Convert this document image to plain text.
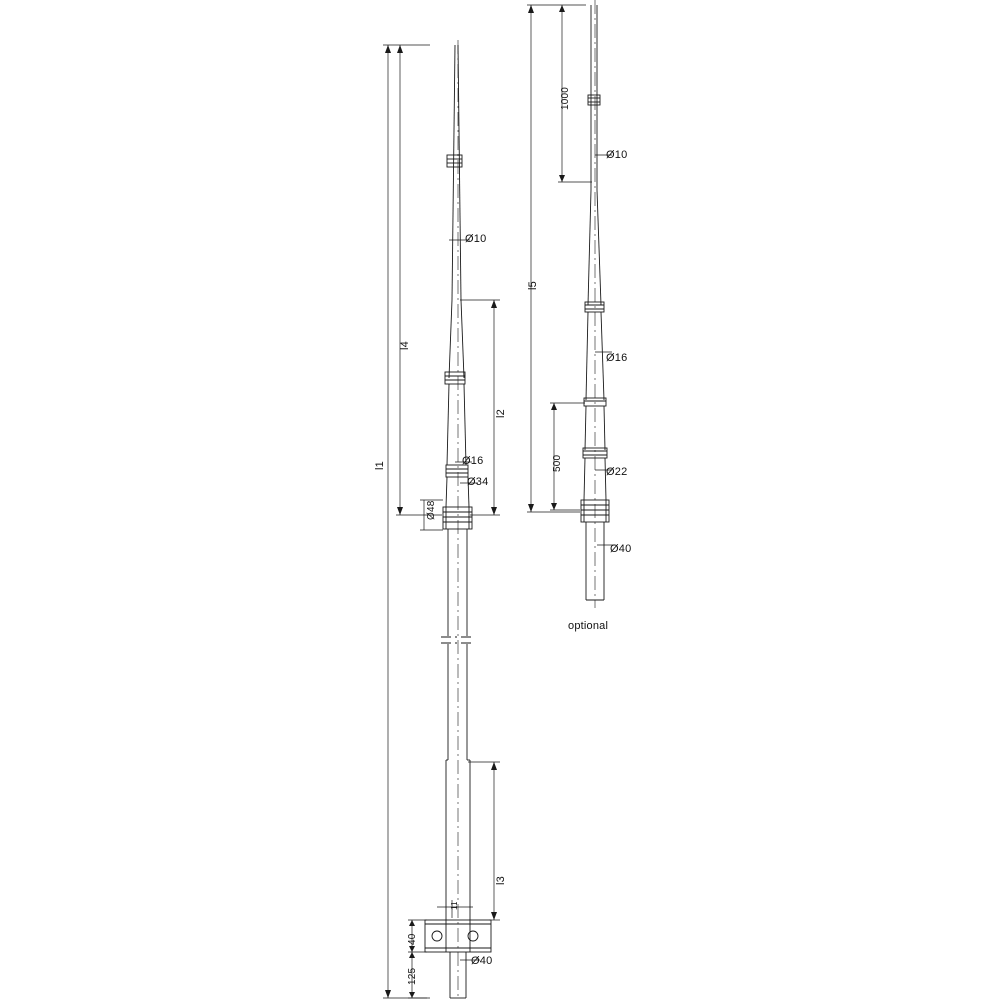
l1
l4
l2
l3
40
125
Ø10
Ø16
Ø34
Ø48
11
Ø40
l5
1000
500
Ø10
Ø16
Ø22
Ø40
optional
